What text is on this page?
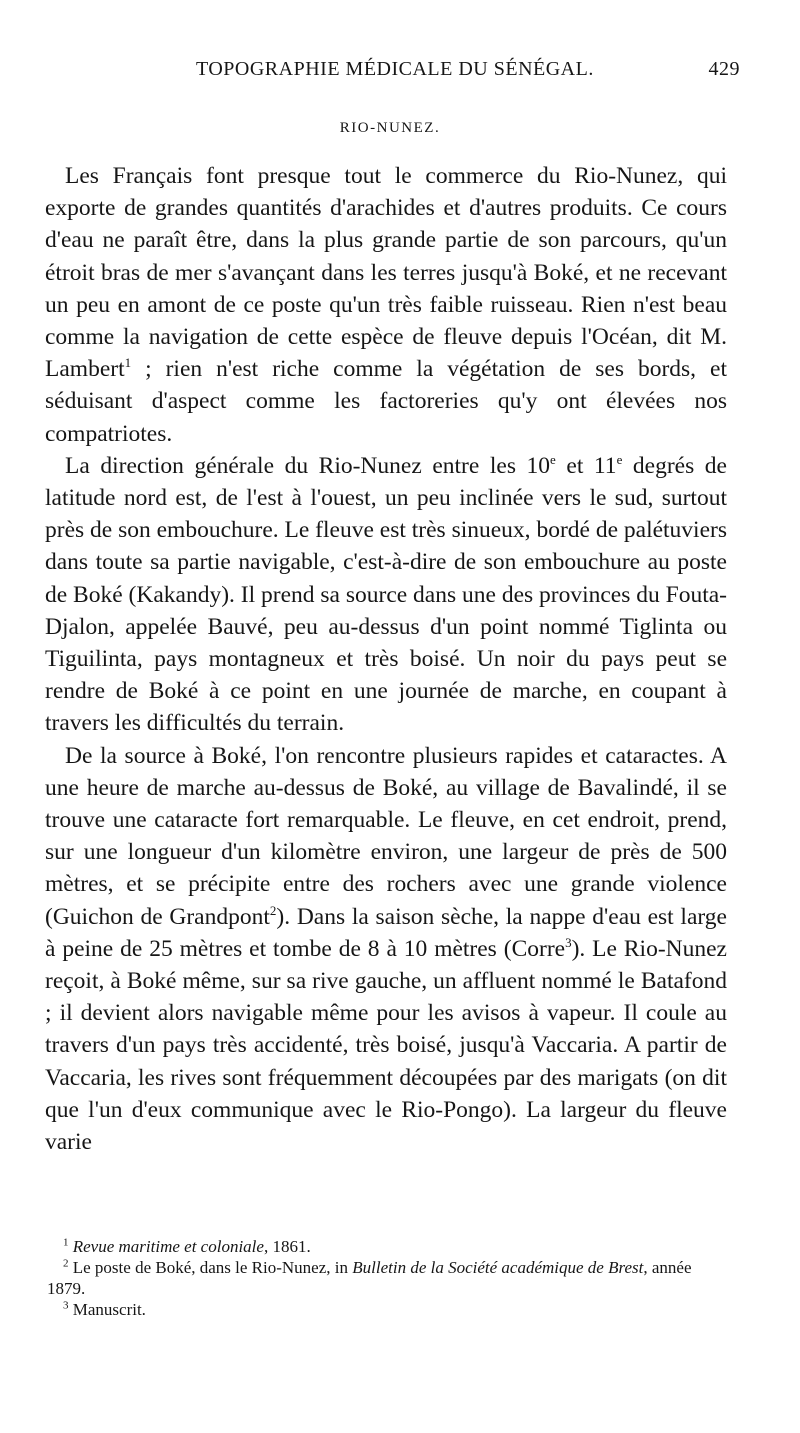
TOPOGRAPHIE MÉDICALE DU SÉNÉGAL.	429
RIO-NUNEZ.

Les Français font presque tout le commerce du Rio-Nunez, qui exporte de grandes quantités d'arachides et d'autres produits. Ce cours d'eau ne paraît être, dans la plus grande partie de son parcours, qu'un étroit bras de mer s'avançant dans les terres jusqu'à Boké, et ne recevant un peu en amont de ce poste qu'un très faible ruisseau. Rien n'est beau comme la navigation de cette espèce de fleuve depuis l'Océan, dit M. Lambert$^1$ ; rien n'est riche comme la végétation de ses bords, et séduisant d'aspect comme les factoreries qu'y ont élevées nos compatriotes.

La direction générale du Rio-Nunez entre les 10e et 11e degrés de latitude nord est, de l'est à l'ouest, un peu inclinée vers le sud, surtout près de son embouchure. Le fleuve est très sinueux, bordé de palétuviers dans toute sa partie navigable, c'est-à-dire de son embouchure au poste de Boké (Kakandy). Il prend sa source dans une des provinces du Fouta-Djalon, appelée Bauvé, peu au-dessus d'un point nommé Tiglinta ou Tiguilinta, pays montagneux et très boisé. Un noir du pays peut se rendre de Boké à ce point en une journée de marche, en coupant à travers les difficultés du terrain.

De la source à Boké, l'on rencontre plusieurs rapides et cataractes. A une heure de marche au-dessus de Boké, au village de Bavalindé, il se trouve une cataracte fort remarquable. Le fleuve, en cet endroit, prend, sur une longueur d'un kilomètre environ, une largeur de près de 500 mètres, et se précipite entre des rochers avec une grande violence (Guichon de Grandpont$^2$). Dans la saison sèche, la nappe d'eau est large à peine de 25 mètres et tombe de 8 à 10 mètres (Corre$^3$). Le Rio-Nunez reçoit, à Boké même, sur sa rive gauche, un affluent nommé le Batafond ; il devient alors navigable même pour les avisos à vapeur. Il coule au travers d'un pays très accidenté, très boisé, jusqu'à Vaccaria. A partir de Vaccaria, les rives sont fréquemment découpées par des marigats (on dit que l'un d'eux communique avec le Rio-Pongo). La largeur du fleuve varie

$^1$ Revue maritime et coloniale, 1861.

$^2$ Le poste de Boké, dans le Rio-Nunez, in Bulletin de la Société académique de Brest, année 1879.

$^3$ Manuscrit.
